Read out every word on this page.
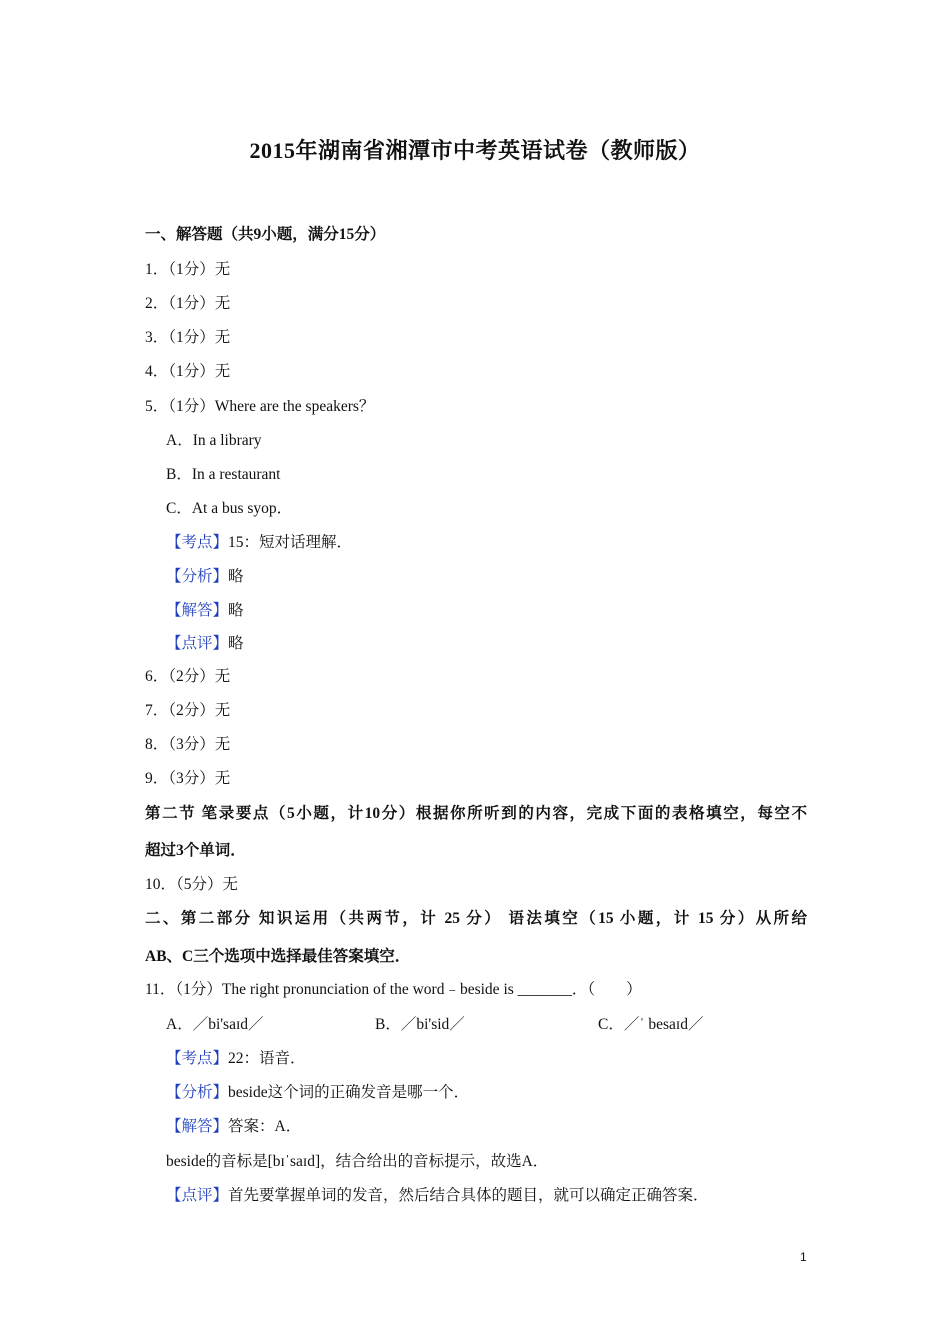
2015年湖南省湘潭市中考英语试卷（教师版）
一、解答题（共9小题，满分15分）
1．（1分）无
2．（1分）无
3．（1分）无
4．（1分）无
5．（1分）Where are the speakers？
A．In a library
B．In a restaurant
C．At a bus syop．
【考点】15：短对话理解．
【分析】略
【解答】略
【点评】略
6．（2分）无
7．（2分）无
8．（3分）无
9．（3分）无
第二节 笔录要点（5小题，计10分）根据你所听到的内容，完成下面的表格填空，每空不
超过3个单词．
10．（5分）无
二、第二部分 知识运用（共两节，计 25 分） 语法填空（15 小题，计 15 分）从所给
AB、C三个选项中选择最佳答案填空．
11．（1分）The right pronunciation of the word﹣beside is _______．（　　）
A．／bi'saɪd／	B．／bi'sid／	C．／ˈ besaɪd／
【考点】22：语音．
【分析】beside这个词的正确发音是哪一个．
【解答】答案：A．
beside的音标是[bɪˈsaɪd]，结合给出的音标提示，故选A．
【点评】首先要掌握单词的发音，然后结合具体的题目，就可以确定正确答案．
1
